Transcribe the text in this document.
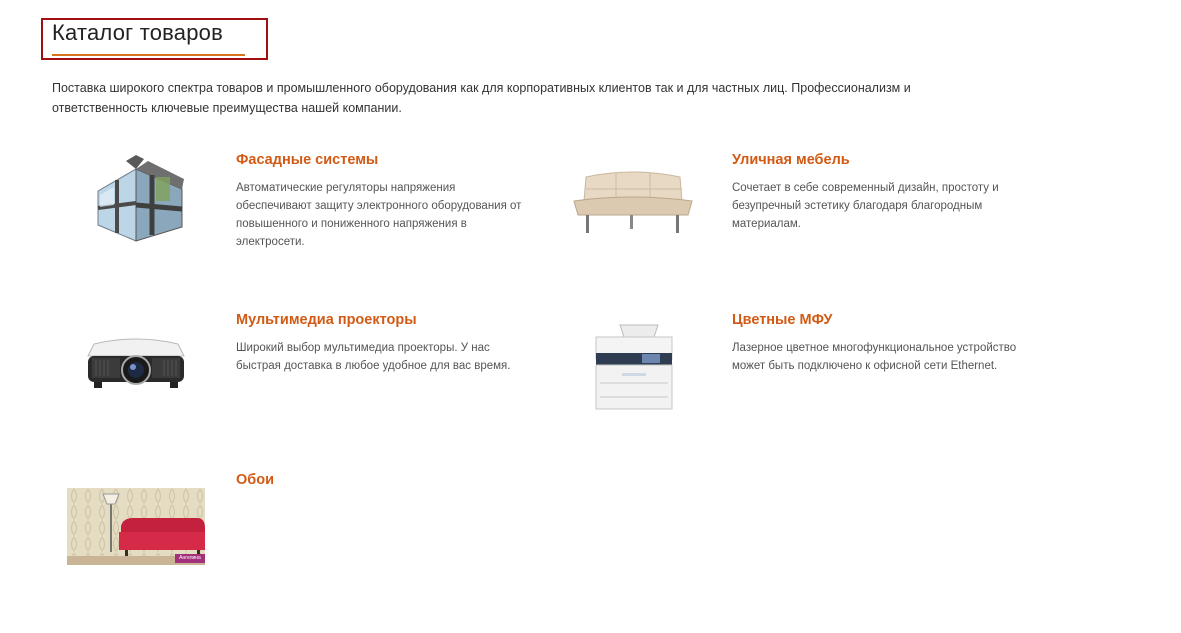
Каталог товаров

Поставка широкого спектра товаров и промышленного оборудования как для корпоративных клиентов так и для частных лиц. Профессионализм и ответственность ключевые преимущества нашей компании.

Фасадные системы
Автоматические регуляторы напряжения обеспечивают защиту электронного оборудования от повышенного и пониженного напряжения в электросети.
Уличная мебель
Сочетает в себе современный дизайн, простоту и безупречный эстетику благодаря благородным материалам.
Мультимедиа проекторы
Широкий выбор мультимедиа проекторы. У нас быстрая доставка в любое удобное для вас время.
Цветные МФУ
Лазерное цветное многофункциональное устройство может быть подключено к офисной сети Ethernet.
Ангелина
Обои
